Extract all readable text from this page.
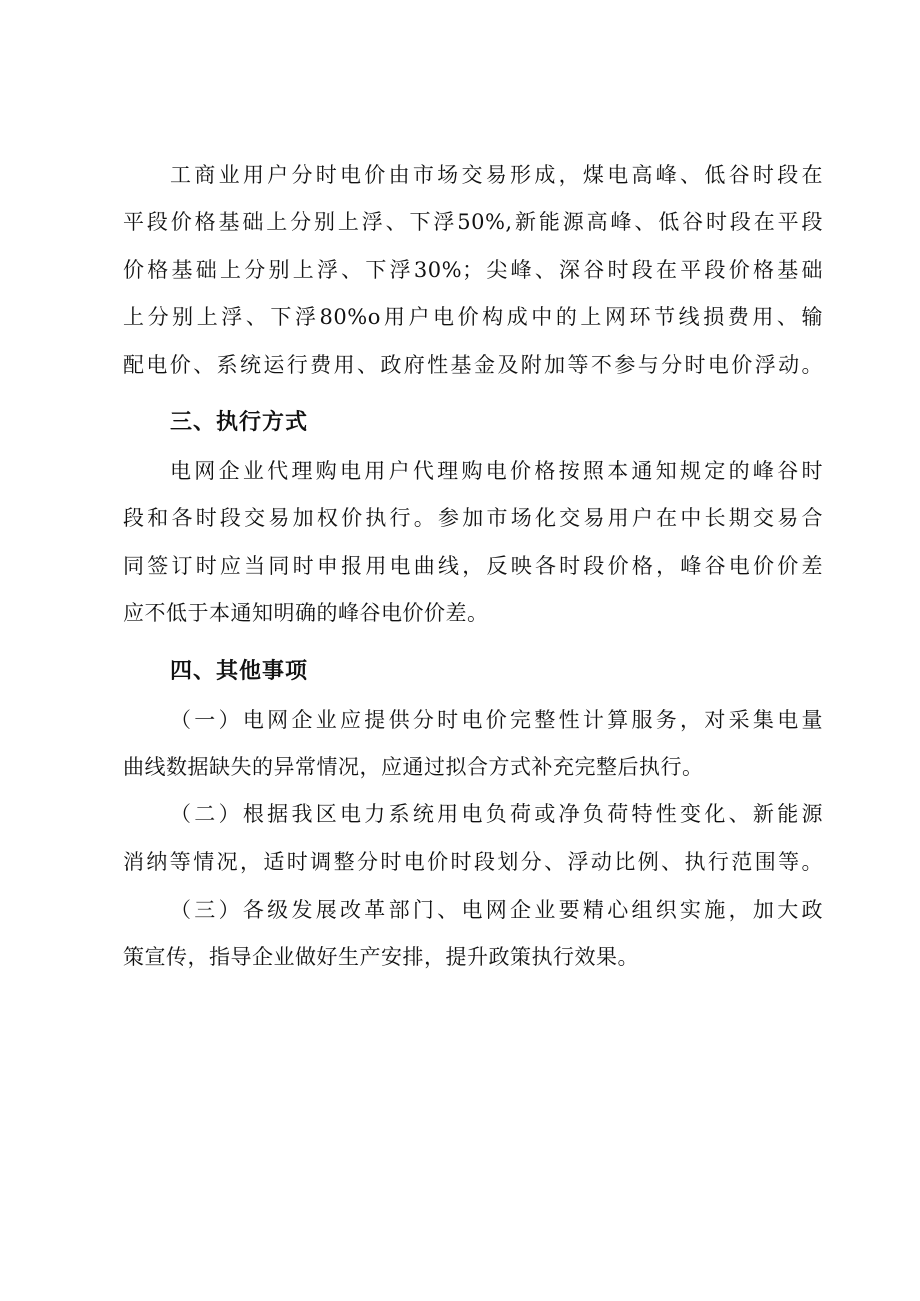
工商业用户分时电价由市场交易形成，煤电高峰、低谷时段在
平段价格基础上分别上浮、下浮50%,新能源高峰、低谷时段在平段
价格基础上分别上浮、下浮30%；尖峰、深谷时段在平段价格基础
上分别上浮、下浮80%o用户电价构成中的上网环节线损费用、输
配电价、系统运行费用、政府性基金及附加等不参与分时电价浮动。
三、执行方式
电网企业代理购电用户代理购电价格按照本通知规定的峰谷时
段和各时段交易加权价执行。参加市场化交易用户在中长期交易合
同签订时应当同时申报用电曲线，反映各时段价格，峰谷电价价差
应不低于本通知明确的峰谷电价价差。
四、其他事项
（一）电网企业应提供分时电价完整性计算服务，对采集电量
曲线数据缺失的异常情况，应通过拟合方式补充完整后执行。
（二）根据我区电力系统用电负荷或净负荷特性变化、新能源
消纳等情况，适时调整分时电价时段划分、浮动比例、执行范围等。
（三）各级发展改革部门、电网企业要精心组织实施，加大政
策宣传，指导企业做好生产安排，提升政策执行效果。
